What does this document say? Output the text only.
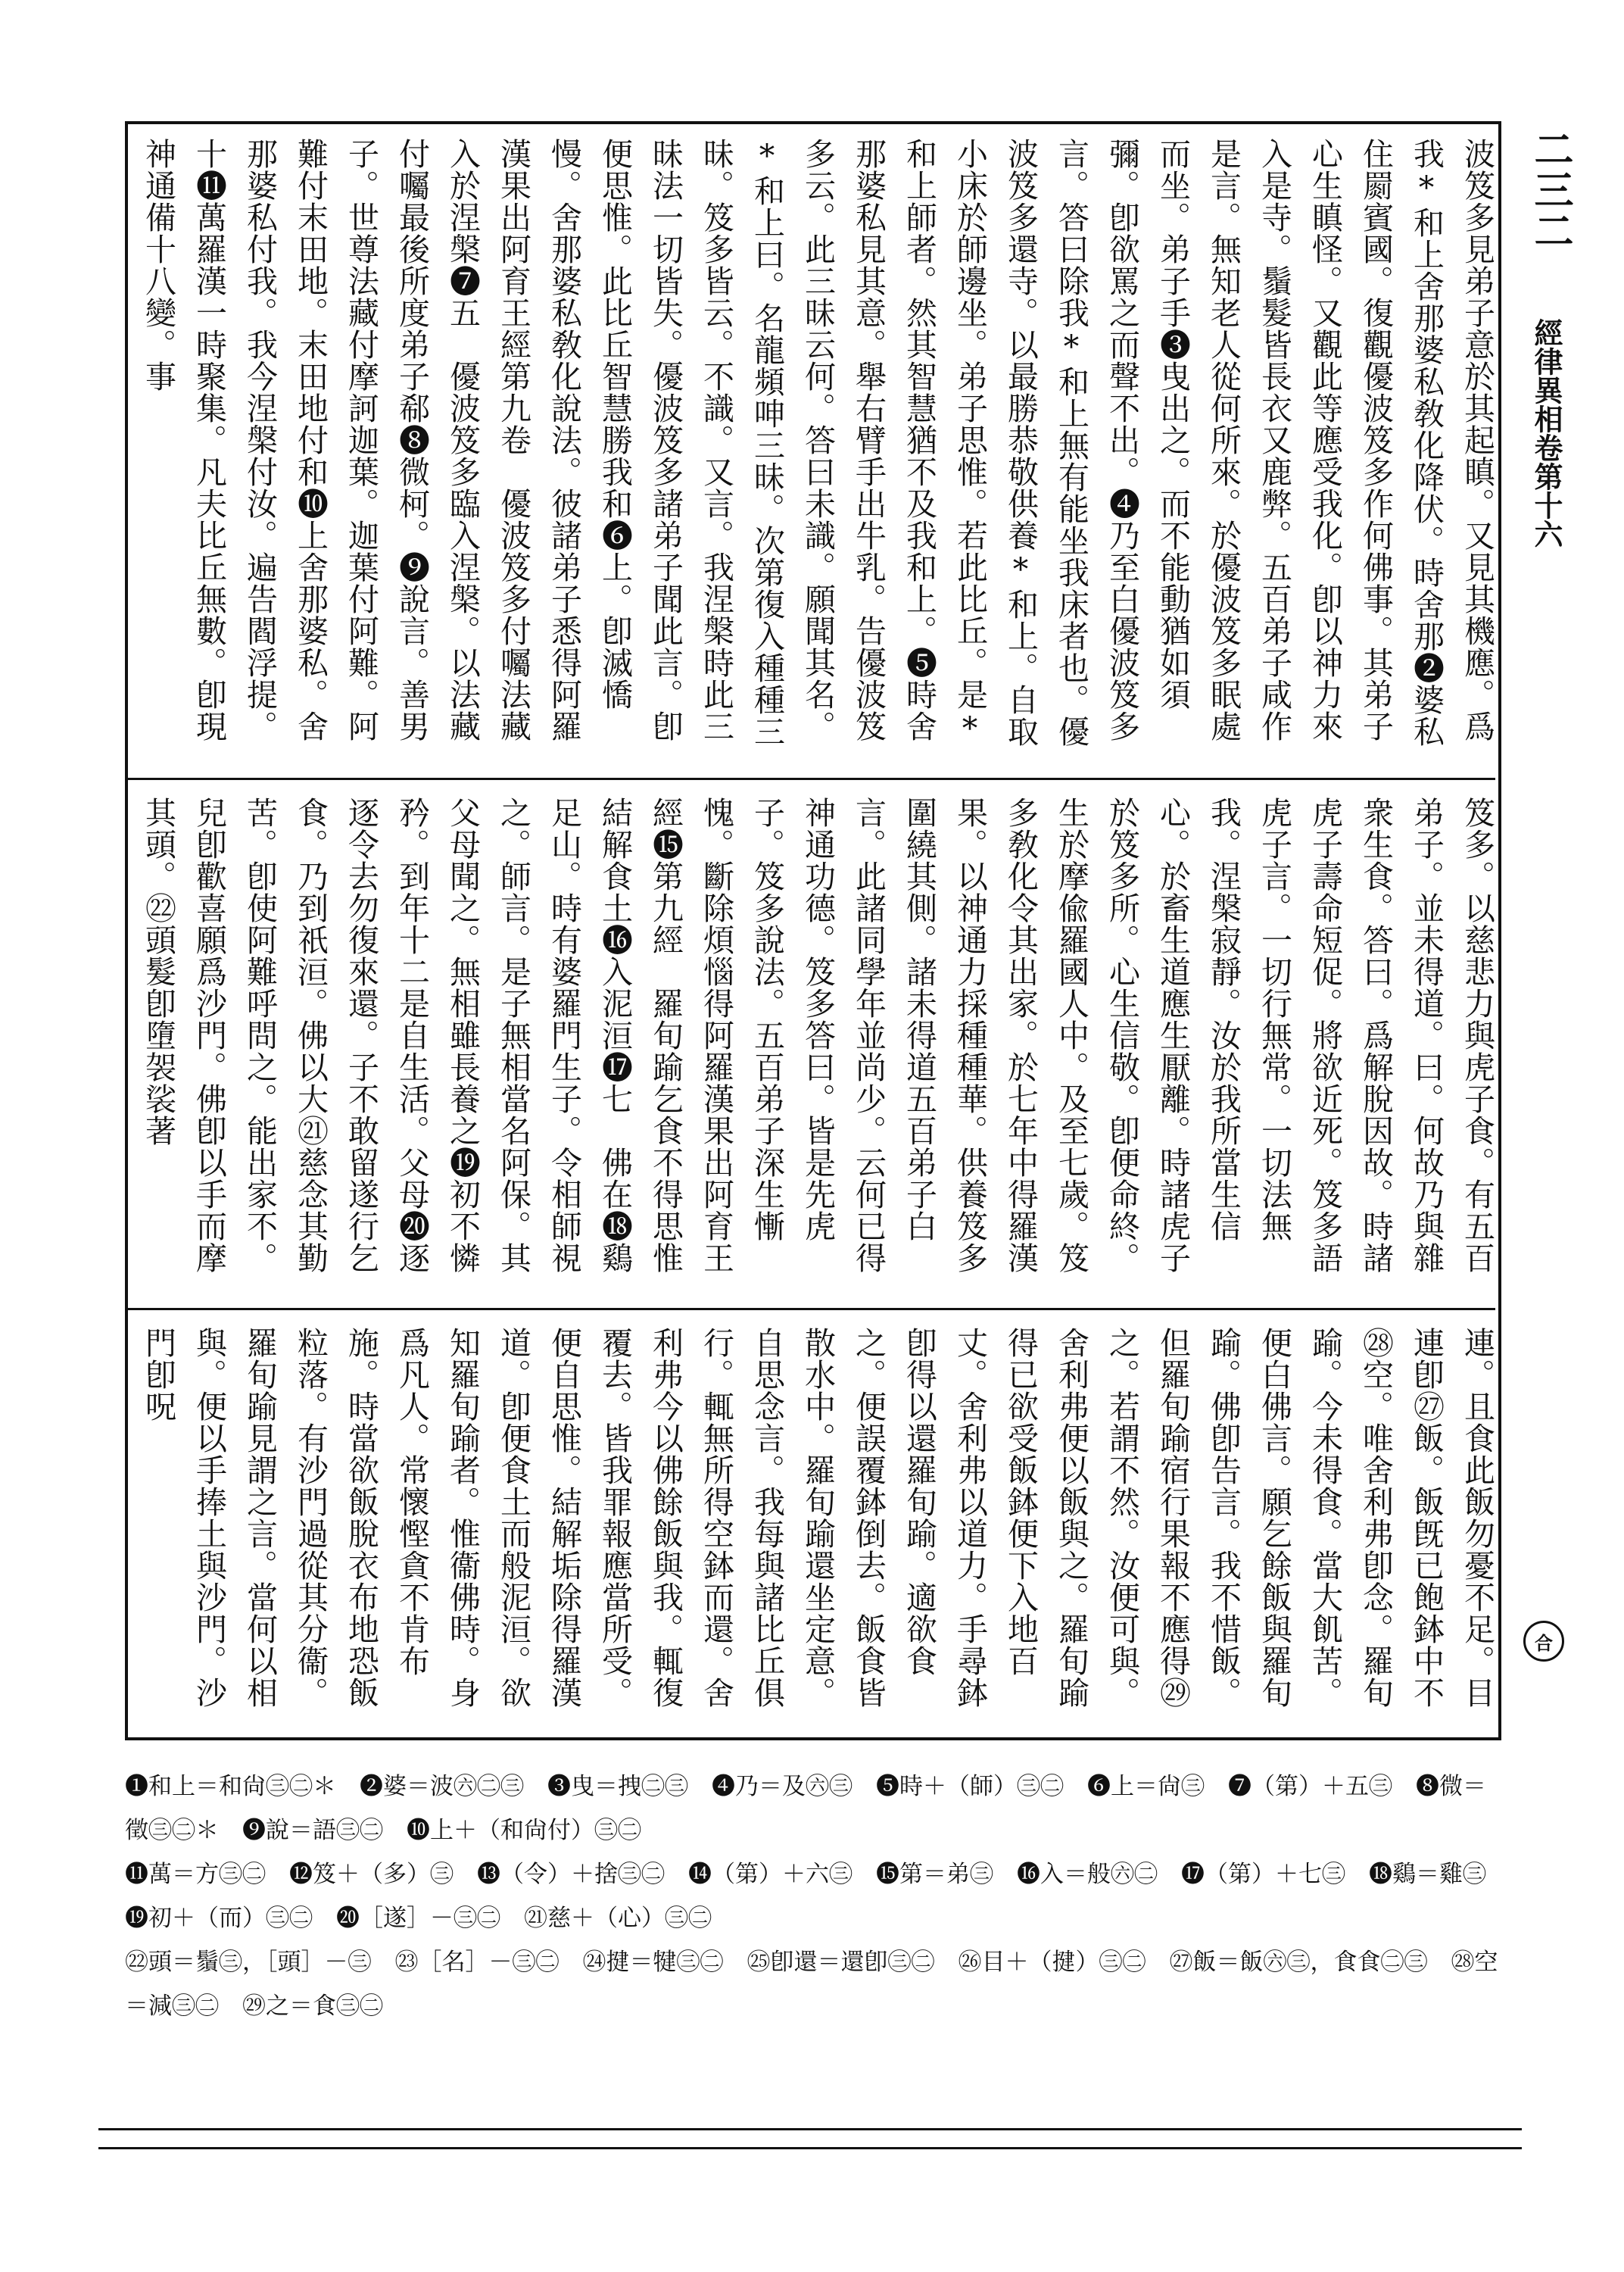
二三二
經律異相卷第十六
合

波笈多見弟子意於其起瞋。又見其機應。爲我*和上舍那婆私敎化降伏。時舍那❷婆私住罽賓國。復觀優波笈多作何佛事。其弟子心生瞋怪。又觀此等應受我化。卽以神力來入是寺。鬚髮皆長衣又鹿弊。五百弟子咸作是言。無知老人從何所來。於優波笈多眠處而坐。弟子手❸曳出之。而不能動猶如須彌。卽欲罵之而聲不出。❹乃至白優波笈多言。答曰除我*和上無有能坐我床者也。優波笈多還寺。以最勝恭敬供養*和上。自取小床於師邊坐。弟子思惟。若此比丘。是*和上師者。然其智慧猶不及我和上。❺時舍那婆私見其意。舉右臂手出牛乳。告優波笈多云。此三昧云何。答曰未識。願聞其名。*和上曰。名龍頻呻三昧。次第復入種種三昧。笈多皆云。不識。又言。我涅槃時此三昧法一切皆失。優波笈多諸弟子聞此言。卽便思惟。此比丘智慧勝我和❻上。卽滅憍慢。舍那婆私敎化說法。彼諸弟子悉得阿羅漢果出阿育王經第九卷　優波笈多付囑法藏入於涅槃❼五　優波笈多臨入涅槃。以法藏付囑最後所度弟子郗❽微柯。❾說言。善男子。世尊法藏付摩訶迦葉。迦葉付阿難。阿難付末田地。末田地付和❿上舍那婆私。舍那婆私付我。我今涅槃付汝。遍告閻浮提。十⓫萬羅漢一時聚集。凡夫比丘無數。卽現神通備十八變。事

　　笈多。以慈悲力與虎子食。有五百弟子。並未得道。曰。何故乃與雜衆生食。答曰。爲解脫因故。時諸虎子壽命短促。將欲近死。笈多語虎子言。一切行無常。一切法無我。涅槃寂靜。汝於我所當生信心。於畜生道應生厭離。時諸虎子於笈多所。心生信敬。卽便命終。生於摩偸羅國人中。及至七歲。笈多敎化令其出家。於七年中得羅漢果。以神通力採種種華。供養笈多圍繞其側。諸未得道五百弟子白言。此諸同學年並尚少。云何已得神通功德。笈多答曰。皆是先虎子。笈多說法。五百弟子深生慚愧。斷除煩惱得阿羅漢果出阿育王經⓯第九經　羅旬踰乞食不得思惟結解食土⓰入泥洹⓱七　佛在⓲鷄足山。時有婆羅門生子。令相師視之。師言。是子無相當名阿保。其父母聞之。無相雖長養之⓳初不憐矜。到年十二是自生活。父母⓴逐逐令去勿復來還。子不敢留遂行乞食。乃到祇洹。佛以大㉑慈念其勤苦。卽使阿難呼問之。能出家不。兒卽歡喜願爲沙門。佛卽以手而摩其頭。㉒頭髮卽墮袈裟著

連。且食此飯勿憂不足。目連卽㉗飯。飯旣已飽鉢中不㉘空。唯舍利弗卽念。羅旬踰。今未得食。當大飢苦。便白佛言。願乞餘飯與羅旬踰。佛卽告言。我不惜飯。但羅旬踰宿行果報不應得㉙之。若謂不然。汝便可與。舍利弗便以飯與之。羅旬踰得已欲受飯鉢便下入地百丈。舍利弗以道力。手尋鉢卽得以還羅旬踰。適欲食之。便誤覆鉢倒去。飯食皆散水中。羅旬踰還坐定意。自思念言。我每與諸比丘俱行。輒無所得空鉢而還。舍利弗今以佛餘飯與我。輒復覆去。皆我罪報應當所受。便自思惟。結解垢除得羅漢道。卽便食土而般泥洹。欲知羅旬踰者。惟衞佛時。身爲凡人。常懷慳貪不肯布施。時當欲飯脫衣布地恐飯粒落。有沙門過從其分衞。羅旬踰見謂之言。當何以相與。便以手捧土與沙門。沙門卽呪

❶和上＝和尙㊂㊁＊　❷婆＝波㊅㊁㊂　❸曳＝拽㊁㊂　❹乃＝及㊅㊂　❺時＋（師）㊂㊁　❻上＝尙㊂　❼（第）＋五㊂　❽微＝徵㊂㊁＊　❾說＝語㊂㊁　❿上＋（和尙付）㊂㊁

⓫萬＝方㊂㊁　⓬笈＋（多）㊂　⓭（令）＋捨㊂㊁　⓮（第）＋六㊂　⓯第＝弟㊂　⓰入＝般㊅㊁　⓱（第）＋七㊂　⓲鷄＝雞㊂　⓳初＋（而）㊂㊁　⓴［遂］－㊂㊁　㉑慈＋（心）㊂㊁

㉒頭＝鬚㊂，［頭］－㊂　㉓［名］－㊂㊁　㉔揵＝犍㊂㊁　㉕卽還＝還卽㊂㊁　㉖目＋（揵）㊂㊁　㉗飯＝飯㊅㊂，食食㊁㊂　㉘空＝減㊂㊁　㉙之＝食㊂㊁
